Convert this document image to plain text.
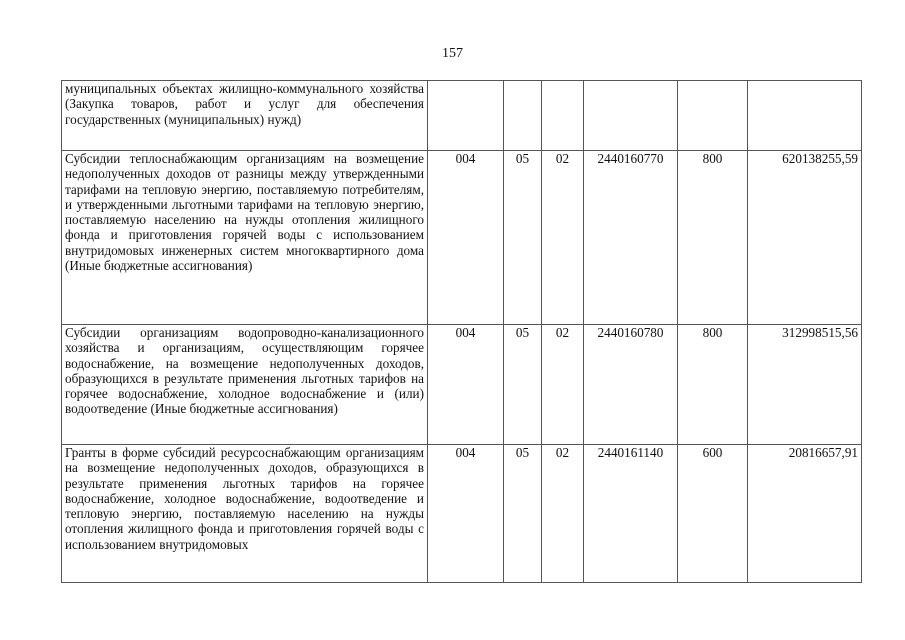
157
муниципальных объектах жилищно-коммунального хозяйства (Закупка товаров, работ и услуг для обеспечения государственных (муниципальных) нужд)						
Субсидии теплоснабжающим организациям на возмещение недополученных доходов от разницы между утвержденными тарифами на тепловую энергию, поставляемую потребителям, и утвержденными льготными тарифами на тепловую энергию, поставляемую населению на нужды отопления жилищного фонда и приготовления горячей воды с использованием внутридомовых инженерных систем многоквартирного дома (Иные бюджетные ассигнования)	004	05	02	2440160770	800	620138255,59
Субсидии организациям водопроводно-канализационного хозяйства и организациям, осуществляющим горячее водоснабжение, на возмещение недополученных доходов, образующихся в результате применения льготных тарифов на горячее водоснабжение, холодное водоснабжение и (или) водоотведение (Иные бюджетные ассигнования)	004	05	02	2440160780	800	312998515,56
Гранты в форме субсидий ресурсоснабжающим организациям на возмещение недополученных доходов, образующихся в результате применения льготных тарифов на горячее водоснабжение, холодное водоснабжение, водоотведение и тепловую энергию, поставляемую населению на нужды отопления жилищного фонда и приготовления горячей воды с использованием внутридомовых	004	05	02	2440161140	600	20816657,91
